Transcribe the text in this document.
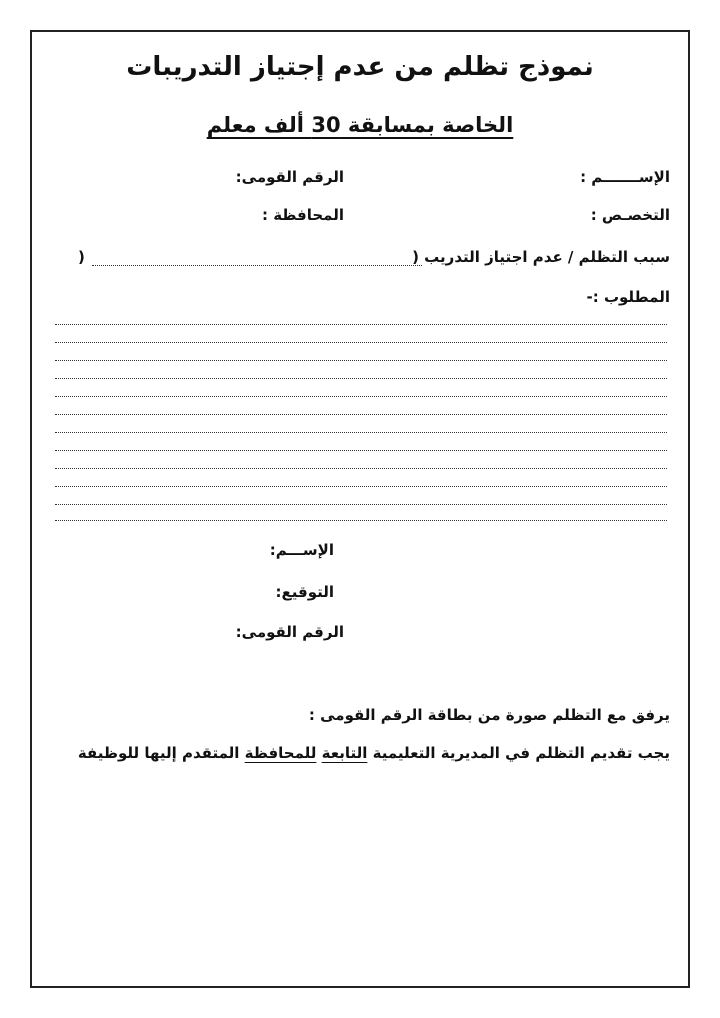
نموذج تظلم من عدم إجتياز التدريبات
الخاصة بمسابقة 30 ألف معلم
الإســـــــم :
الرقم القومى:
التخصـص :
المحافظة :
سبب التظلم / عدم اجتياز التدريب (
)
المطلوب :-
الإســـم:
التوقيع:
الرقم القومى:
يرفق مع التظلم صورة من بطاقة الرقم القومى :
يجب تقديم التظلم في المديرية التعليمية التابعة للمحافظة المتقدم إليها للوظيفة
